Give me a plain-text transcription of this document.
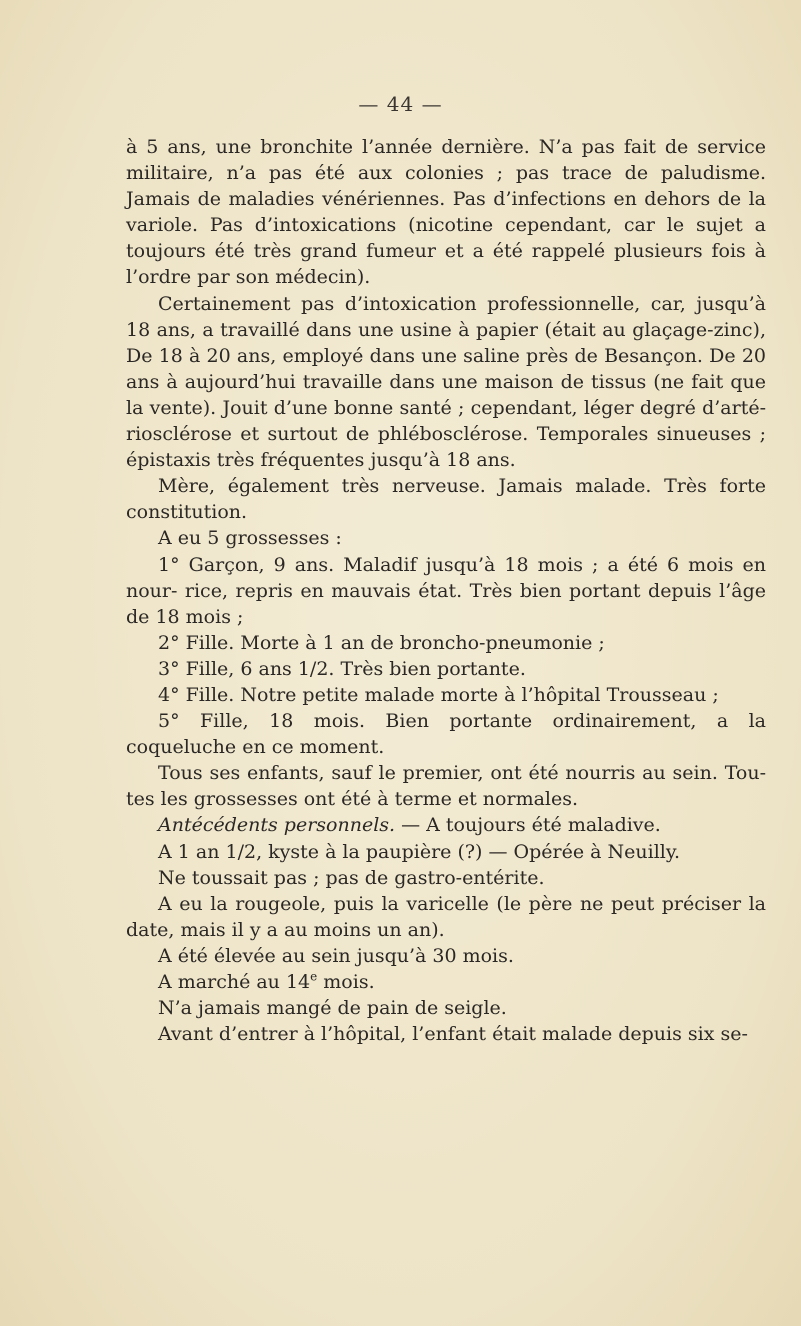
— 44 —

à 5 ans, une bronchite l’année dernière. N’a pas fait de service militaire, n’a pas été aux colonies ; pas trace de paludisme. Jamais de maladies vénériennes. Pas d’infections en dehors de la variole. Pas d’intoxications (nicotine cependant, car le sujet a toujours été très grand fumeur et a été rappelé plusieurs fois à l’ordre par son médecin).

Certainement pas d’intoxication professionnelle, car, jusqu’à 18 ans, a travaillé dans une usine à papier (était au glaçage-zinc), De 18 à 20 ans, employé dans une saline près de Besançon. De 20 ans à aujourd’hui travaille dans une maison de tissus (ne fait que la vente). Jouit d’une bonne santé ; cependant, léger degré d’arté- riosclérose et surtout de phlébosclérose. Temporales sinueuses ; épistaxis très fréquentes jusqu’à 18 ans.

Mère, également très nerveuse. Jamais malade. Très forte constitution.

A eu 5 grossesses :

1° Garçon, 9 ans. Maladif jusqu’à 18 mois ; a été 6 mois en nour- rice, repris en mauvais état. Très bien portant depuis l’âge de 18 mois ;

2° Fille. Morte à 1 an de broncho-pneumonie ;

3° Fille, 6 ans 1/2. Très bien portante.

4° Fille. Notre petite malade morte à l’hôpital Trousseau ;

5° Fille, 18 mois. Bien portante ordinairement, a la coqueluche en ce moment.

Tous ses enfants, sauf le premier, ont été nourris au sein. Tou- tes les grossesses ont été à terme et normales.

Antécédents personnels. — A toujours été maladive.

A 1 an 1/2, kyste à la paupière (?) — Opérée à Neuilly.

Ne toussait pas ; pas de gastro-entérite.

A eu la rougeole, puis la varicelle (le père ne peut préciser la date, mais il y a au moins un an).

A été élevée au sein jusqu’à 30 mois.

A marché au 14e mois.

N’a jamais mangé de pain de seigle.

Avant d’entrer à l’hôpital, l’enfant était malade depuis six se-
